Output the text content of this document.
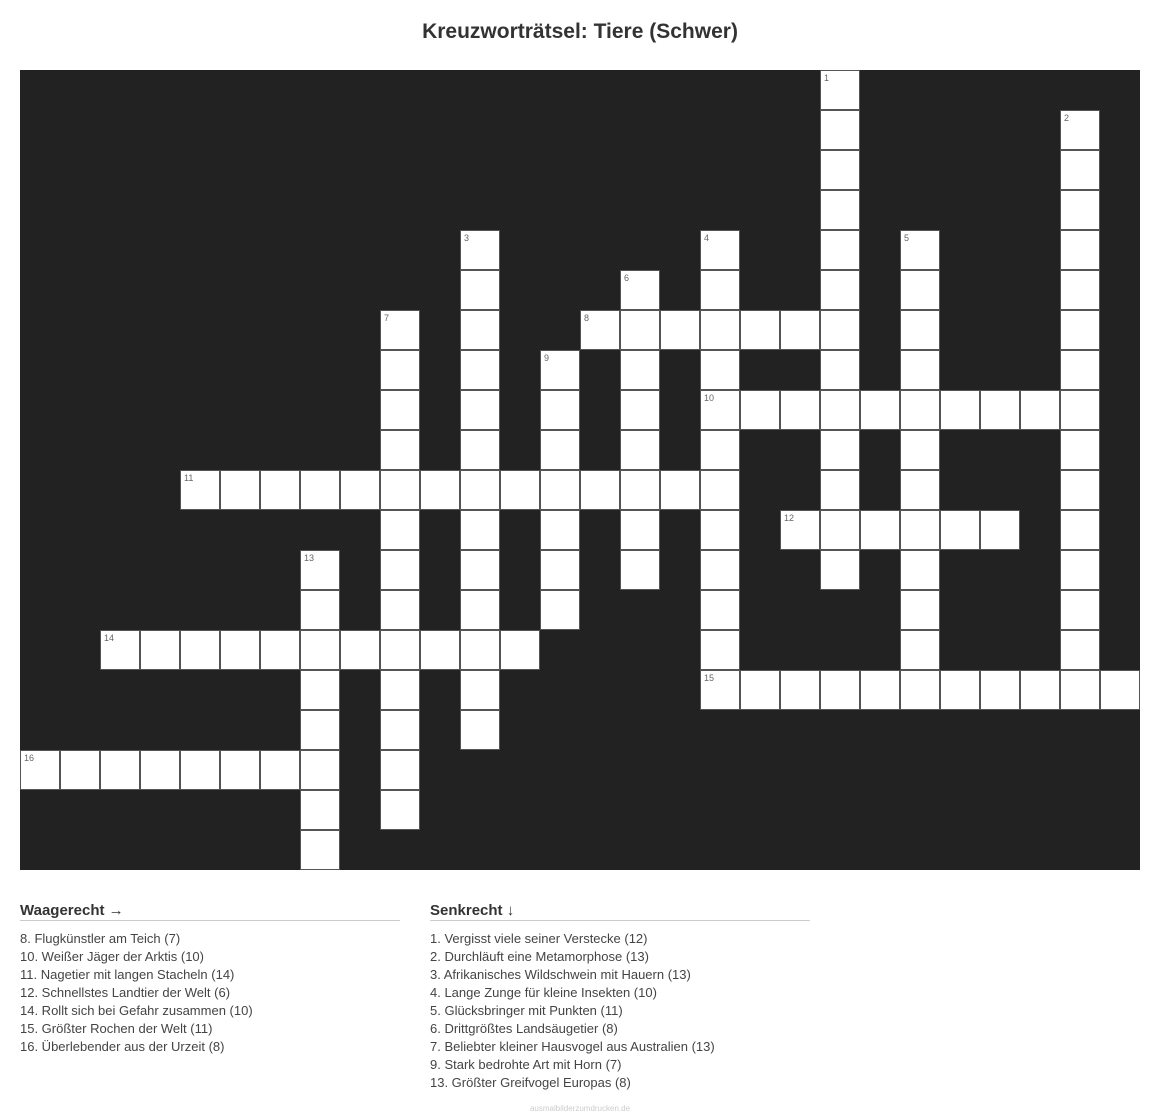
Kreuzworträtsel: Tiere (Schwer)
1
2
3	4
10
15
5
6
7	8
9
11
12
13
14
16
Waagerecht →
8. Flugkünstler am Teich (7)
10. Weißer Jäger der Arktis (10)
11. Nagetier mit langen Stacheln (14)
12. Schnellstes Landtier der Welt (6)
14. Rollt sich bei Gefahr zusammen (10)
15. Größter Rochen der Welt (11)
16. Überlebender aus der Urzeit (8)
Senkrecht ↓
1. Vergisst viele seiner Verstecke (12)
2. Durchläuft eine Metamorphose (13)
3. Afrikanisches Wildschwein mit Hauern (13)
4. Lange Zunge für kleine Insekten (10)
5. Glücksbringer mit Punkten (11)
6. Drittgrößtes Landsäugetier (8)
7. Beliebter kleiner Hausvogel aus Australien (13)
9. Stark bedrohte Art mit Horn (7)
13. Größter Greifvogel Europas (8)
ausmalbilderzumdrucken.de
